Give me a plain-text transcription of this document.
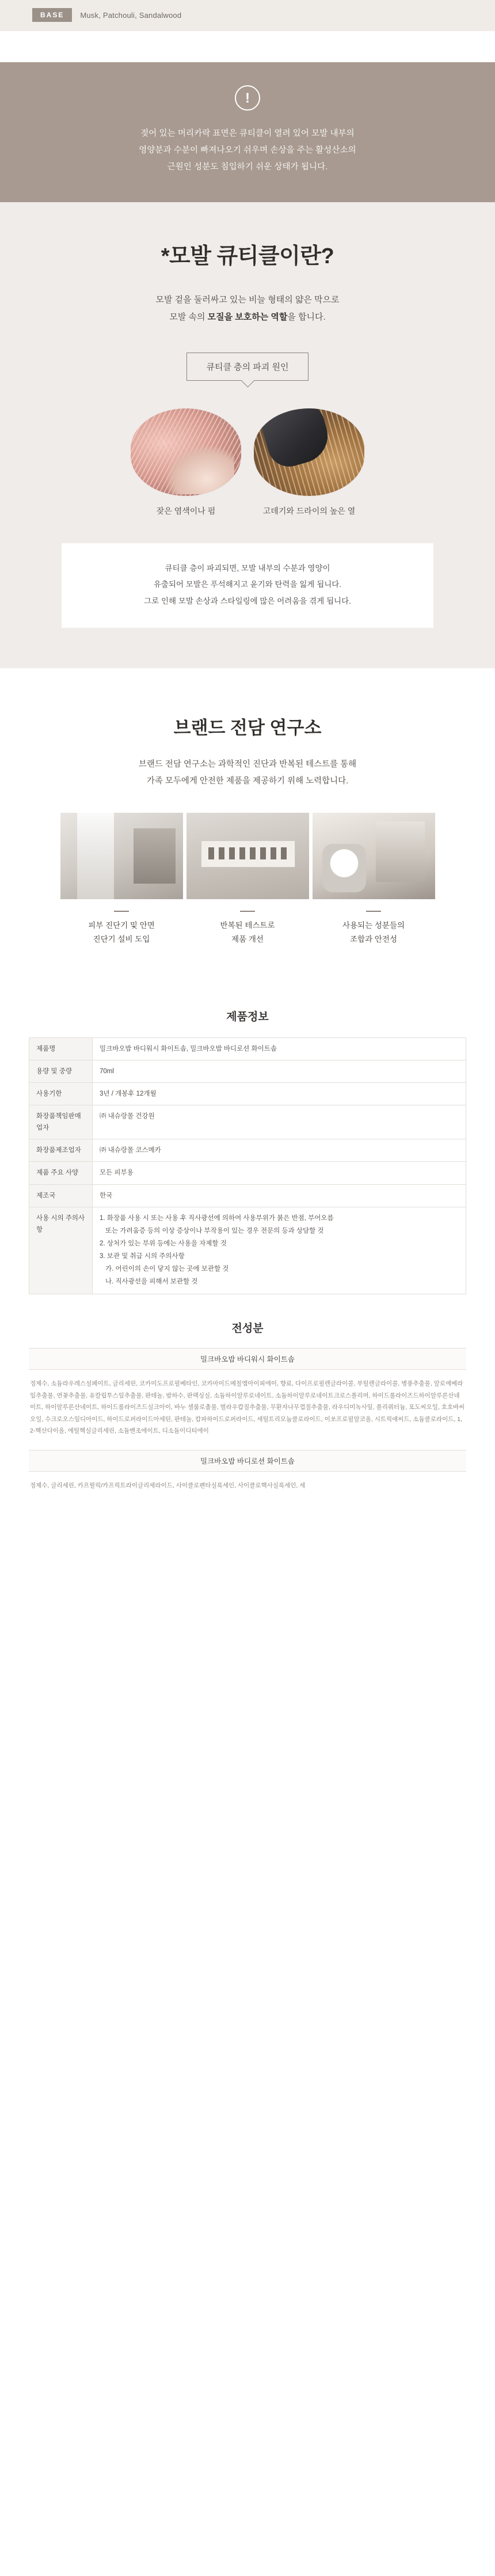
BASE	Musk, Patchouli, Sandalwood
!
젖어 있는 머리카락 표면은 큐티클이 열려 있어 모발 내부의
영양분과 수분이 빠져나오기 쉬우며 손상을 주는 활성산소의
근원인 성분도 침입하기 쉬운 상태가 됩니다.
*모발 큐티클이란?
모발 겉을 둘러싸고 있는 비늘 형태의 얇은 막으로
모발 속의 모질을 보호하는 역할을 합니다.
큐티클 층의 파괴 원인
잦은 염색이나 펌	고데기와 드라이의 높은 열
큐티클 층이 파괴되면, 모발 내부의 수분과 영양이
유출되어 모발은 푸석해지고 윤기와 탄력을 잃게 됩니다.
그로 인해 모발 손상과 스타일링에 많은 어려움을 겪게 됩니다.
브랜드 전담 연구소
브랜드 전담 연구소는 과학적인 진단과 반복된 테스트를 통해
가족 모두에게 안전한 제품을 제공하기 위해 노력합니다.
피부 진단기 및 안면
진단기 설비 도입
반복된 테스트로
제품 개선
사용되는 성분들의
조합과 안전성
제품정보
제품명	밀크바오밥 바디워시 화이트솝, 밀크바오밥 바디로션 화이트솝
용량 및 중량	70ml
사용기한	3년 / 개봉후 12개월
화장품책임판매업자	㈜ 내슈랑몰 건강원
화장품제조업자	㈜ 내슈랑몰 코스메카
제품 주요 사양	모든 피부용
제조국	한국
사용 시의 주의사항	
1. 화장품 사용 시 또는 사용 후 직사광선에 의하여 사용부위가 붉은 반점, 부어오름
또는 가려움증 등의 이상 증상이나 부작용이 있는 경우 전문의 등과 상담할 것
2. 상처가 있는 부위 등에는 사용을 자제할 것
3. 보관 및 취급 시의 주의사항
가. 어린이의 손이 닿지 않는 곳에 보관할 것
나. 직사광선을 피해서 보관할 것
전성분
밀크바오밥 바디워시 화이트솝
정제수, 소듐라우레스설페이트, 글리세린, 코카미도프로필베타인, 코카마이드메칠엠아이피에이, 향료, 다이프로필렌글라이콜, 부틸렌글라이콜, 병풍추출물, 알로에베라잎추출물, 연꽃추출물, 유칼립투스잎추출물, 판테놀, 밤하수, 판팩싱실, 소듐하이알루로네이트, 소듐하이알루로네이트크로스폴리머, 하이드롤라이즈드하이알루론산네이트, 하이알루론산네이트, 하이드롤라이즈드실크아이, 바누 셀룰로촐물, 벌라우캅질추출물, 무환자나무껍질추출물, 라우디미녹사잎, 폴리쿼터늄, 포도씨오일, 호호바씨오일, 수크로오스잎디아이드, 하이드로퍼라이드아세틴, 판테놀, 캄파하이드로퍼라이드, 세틸트리모늄클로라이드, 이쏘프로필알코올, 시트릭애씨드, 소듐클로라이드, 1,2-헥산다이올, 에틸헥실글리세린, 소듐벤조에이트, 디소듐이디티에이
밀크바오밥 바디로션 화이트솝
정제수, 글리세린, 카프릴릭/카프릭트라이글리세라이드, 사이클로펜타실록세인, 사이클로헥사실록세인, 세
